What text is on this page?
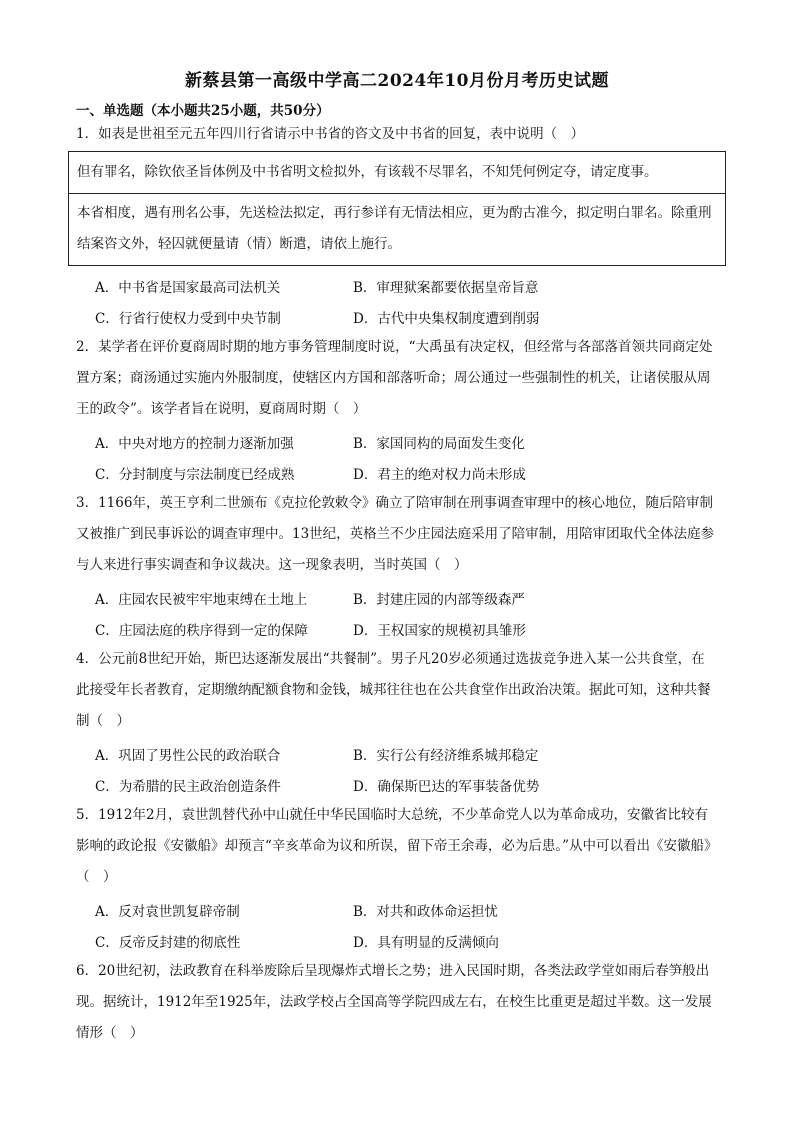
新蔡县第一高级中学高二2024年10月份月考历史试题
一、单选题（本小题共25小题，共50分）
1．如表是世祖至元五年四川行省请示中书省的咨文及中书省的回复，表中说明（　）
但有罪名，除钦依圣旨体例及中书省明文检拟外，有该载不尽罪名，不知凭何例定夺，请定度事。
本省相度，遇有刑名公事，先送检法拟定，再行参详有无情法相应，更为酌古准今，拟定明白罪名。除重刑结案咨文外，轻囚就便量请（情）断遣，请依上施行。
A．中书省是国家最高司法机关	B．审理狱案都要依据皇帝旨意
C．行省行使权力受到中央节制	D．古代中央集权制度遭到削弱
2．某学者在评价夏商周时期的地方事务管理制度时说，“大禹虽有决定权，但经常与各部落首领共同商定处置方案；商汤通过实施内外服制度，使辖区内方国和部落听命；周公通过一些强制性的机关，让诸侯服从周王的政令”。该学者旨在说明，夏商周时期（　）
A．中央对地方的控制力逐渐加强	B．家国同构的局面发生变化
C．分封制度与宗法制度已经成熟	D．君主的绝对权力尚未形成
3．1166年，英王亨利二世颁布《克拉伦敦敕令》确立了陪审制在刑事调查审理中的核心地位，随后陪审制又被推广到民事诉讼的调查审理中。13世纪，英格兰不少庄园法庭采用了陪审制，用陪审团取代全体法庭参与人来进行事实调查和争议裁决。这一现象表明，当时英国（　）
A．庄园农民被牢牢地束缚在土地上	B．封建庄园的内部等级森严
C．庄园法庭的秩序得到一定的保障	D．王权国家的规模初具雏形
4．公元前8世纪开始，斯巴达逐渐发展出“共餐制”。男子凡20岁必须通过选拔竞争进入某一公共食堂，在此接受年长者教育，定期缴纳配额食物和金钱，城邦往往也在公共食堂作出政治决策。据此可知，这种共餐制（　）
A．巩固了男性公民的政治联合	B．实行公有经济维系城邦稳定
C．为希腊的民主政治创造条件	D．确保斯巴达的军事装备优势
5．1912年2月，袁世凯替代孙中山就任中华民国临时大总统，不少革命党人以为革命成功，安徽省比较有影响的政论报《安徽船》却预言“辛亥革命为议和所误，留下帝王余毒，必为后患。”从中可以看出《安徽船》（　）
A．反对袁世凯复辟帝制	B．对共和政体命运担忧
C．反帝反封建的彻底性	D．具有明显的反满倾向
6．20世纪初，法政教育在科举废除后呈现爆炸式增长之势；进入民国时期，各类法政学堂如雨后春笋般出现。据统计，1912年至1925年，法政学校占全国高等学院四成左右，在校生比重更是超过半数。这一发展情形（　）
